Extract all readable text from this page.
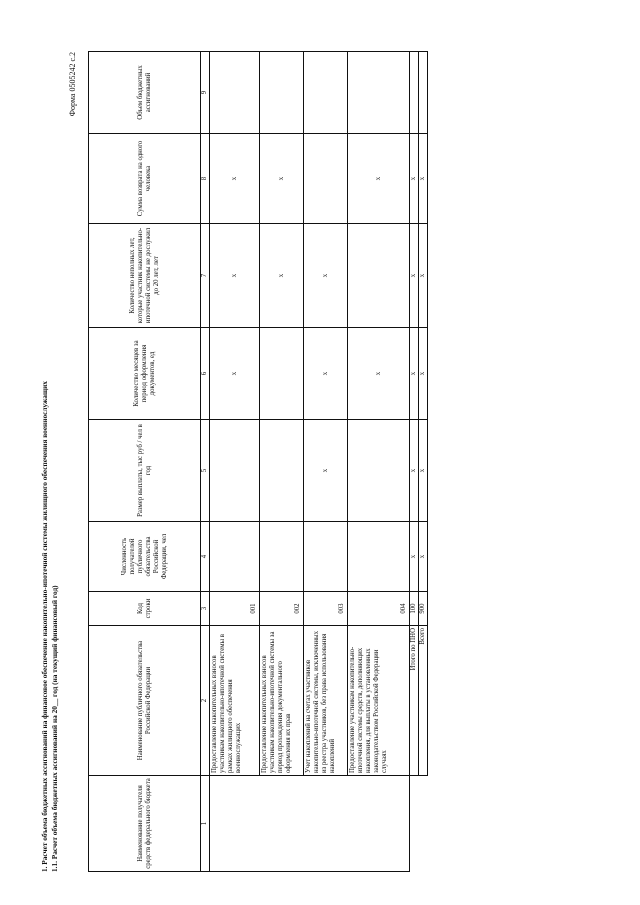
1. Расчет объема бюджетных ассигнований на финансовое обеспечение накопительно-ипотечной системы жилищного обеспечения военнослужащих 1.1. Расчет объема бюджетных ассигнований на 20__ год (на текущий финансовый год)
Форма 0505242 с.2
Наименование получателя средств федерального бюджета	Наименование публичного обязательства Российской Федерации	Код строки	Численность получателей публичного обязательства Российской Федерации, чел	Размер выплаты, тыс руб / чел в год	Количество месяцев за период оформления документов, ед	Количество неполных лет, которые участник накопительно-ипотечной системы не дослужил до 20 лет, лет	Сумма возврата на одного человека	Объем бюджетных ассигнований
1	2	3	4	5	6	7	8	9
	Предоставление накопительных взносов участникам накопительно-ипотечной системы в рамках жилищного обеспечения военнослужащих	001			x	x	x	
	Предоставление накопительных взносов участникам накопительно-ипотечной системы за период прохождения документального оформления их прав	002				x	x	
	Учет накоплений на счетах участников накопительно-ипотечной системы, исключенных из реестра участников, без права использования накоплений	003		x	x	x		
	Предоставление участникам накопительно-ипотечной системы средств, дополняющих накопления, для выплаты в установленных законодательством Российской Федерации случаях	004			x		x	
	Итого по ПНО	100	x	x	x	x	x	
	Всего	900	x	x	x	x	x	
